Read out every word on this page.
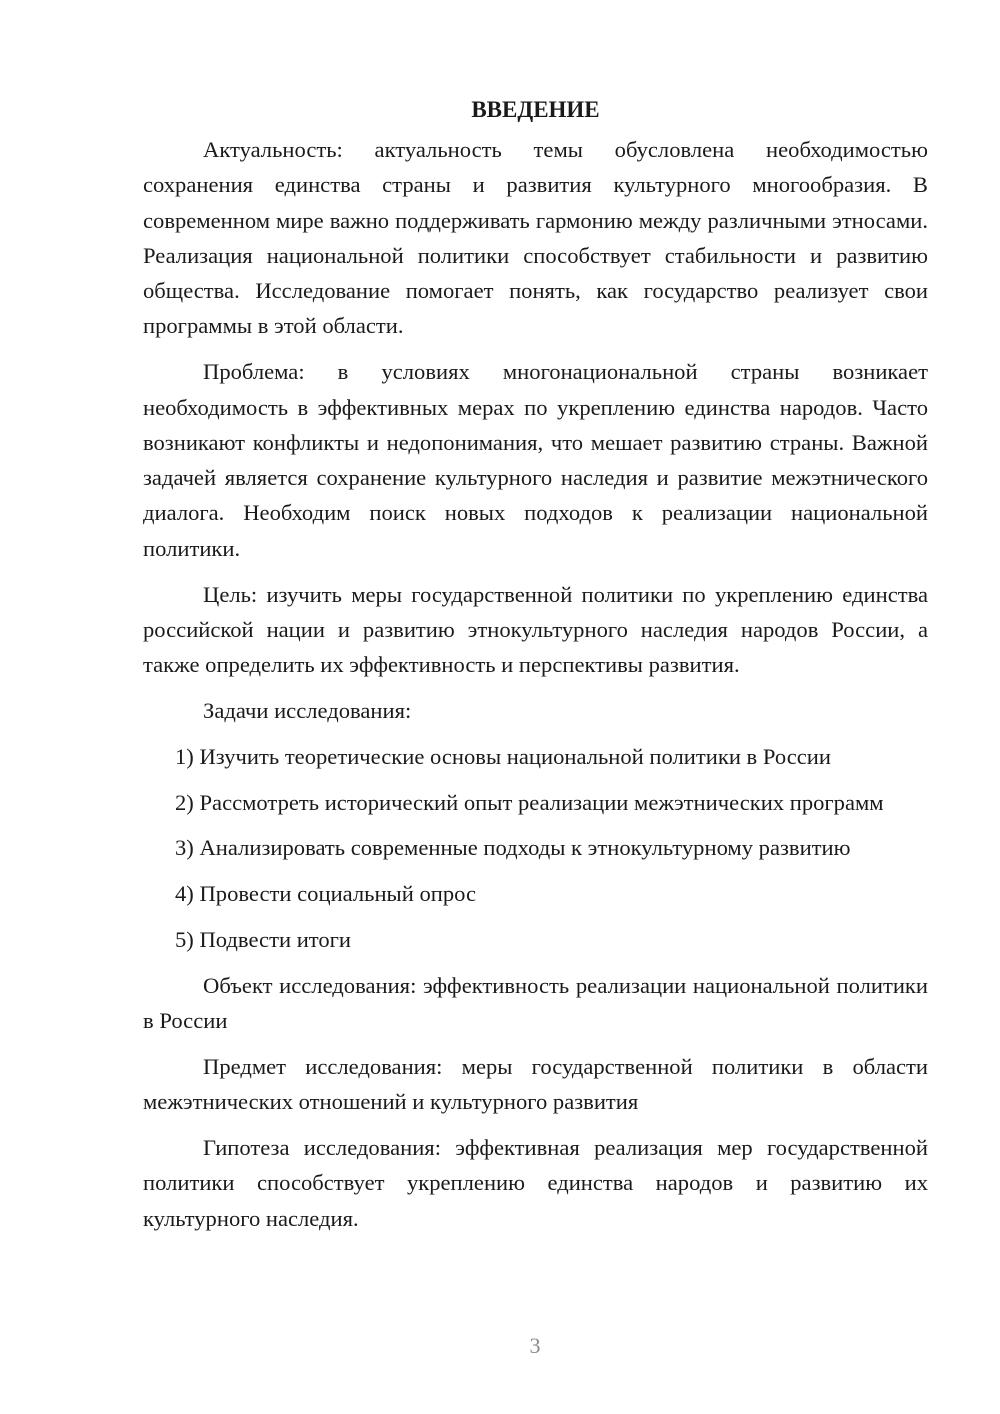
ВВЕДЕНИЕ

Актуальность: актуальность темы обусловлена необходимостью сохранения единства страны и развития культурного многообразия. В современном мире важно поддерживать гармонию между различными этносами. Реализация национальной политики способствует стабильности и развитию общества. Исследование помогает понять, как государство реализует свои программы в этой области.

Проблема: в условиях многонациональной страны возникает необходимость в эффективных мерах по укреплению единства народов. Часто возникают конфликты и недопонимания, что мешает развитию страны. Важной задачей является сохранение культурного наследия и развитие межэтнического диалога. Необходим поиск новых подходов к реализации национальной политики.

Цель: изучить меры государственной политики по укреплению единства российской нации и развитию этнокультурного наследия народов России, а также определить их эффективность и перспективы развития.

Задачи исследования:

1) Изучить теоретические основы национальной политики в России

2) Рассмотреть исторический опыт реализации межэтнических программ

3) Анализировать современные подходы к этнокультурному развитию

4) Провести социальный опрос

5) Подвести итоги

Объект исследования: эффективность реализации национальной политики в России

Предмет исследования: меры государственной политики в области межэтнических отношений и культурного развития

Гипотеза исследования: эффективная реализация мер государственной политики способствует укреплению единства народов и развитию их культурного наследия.

3
